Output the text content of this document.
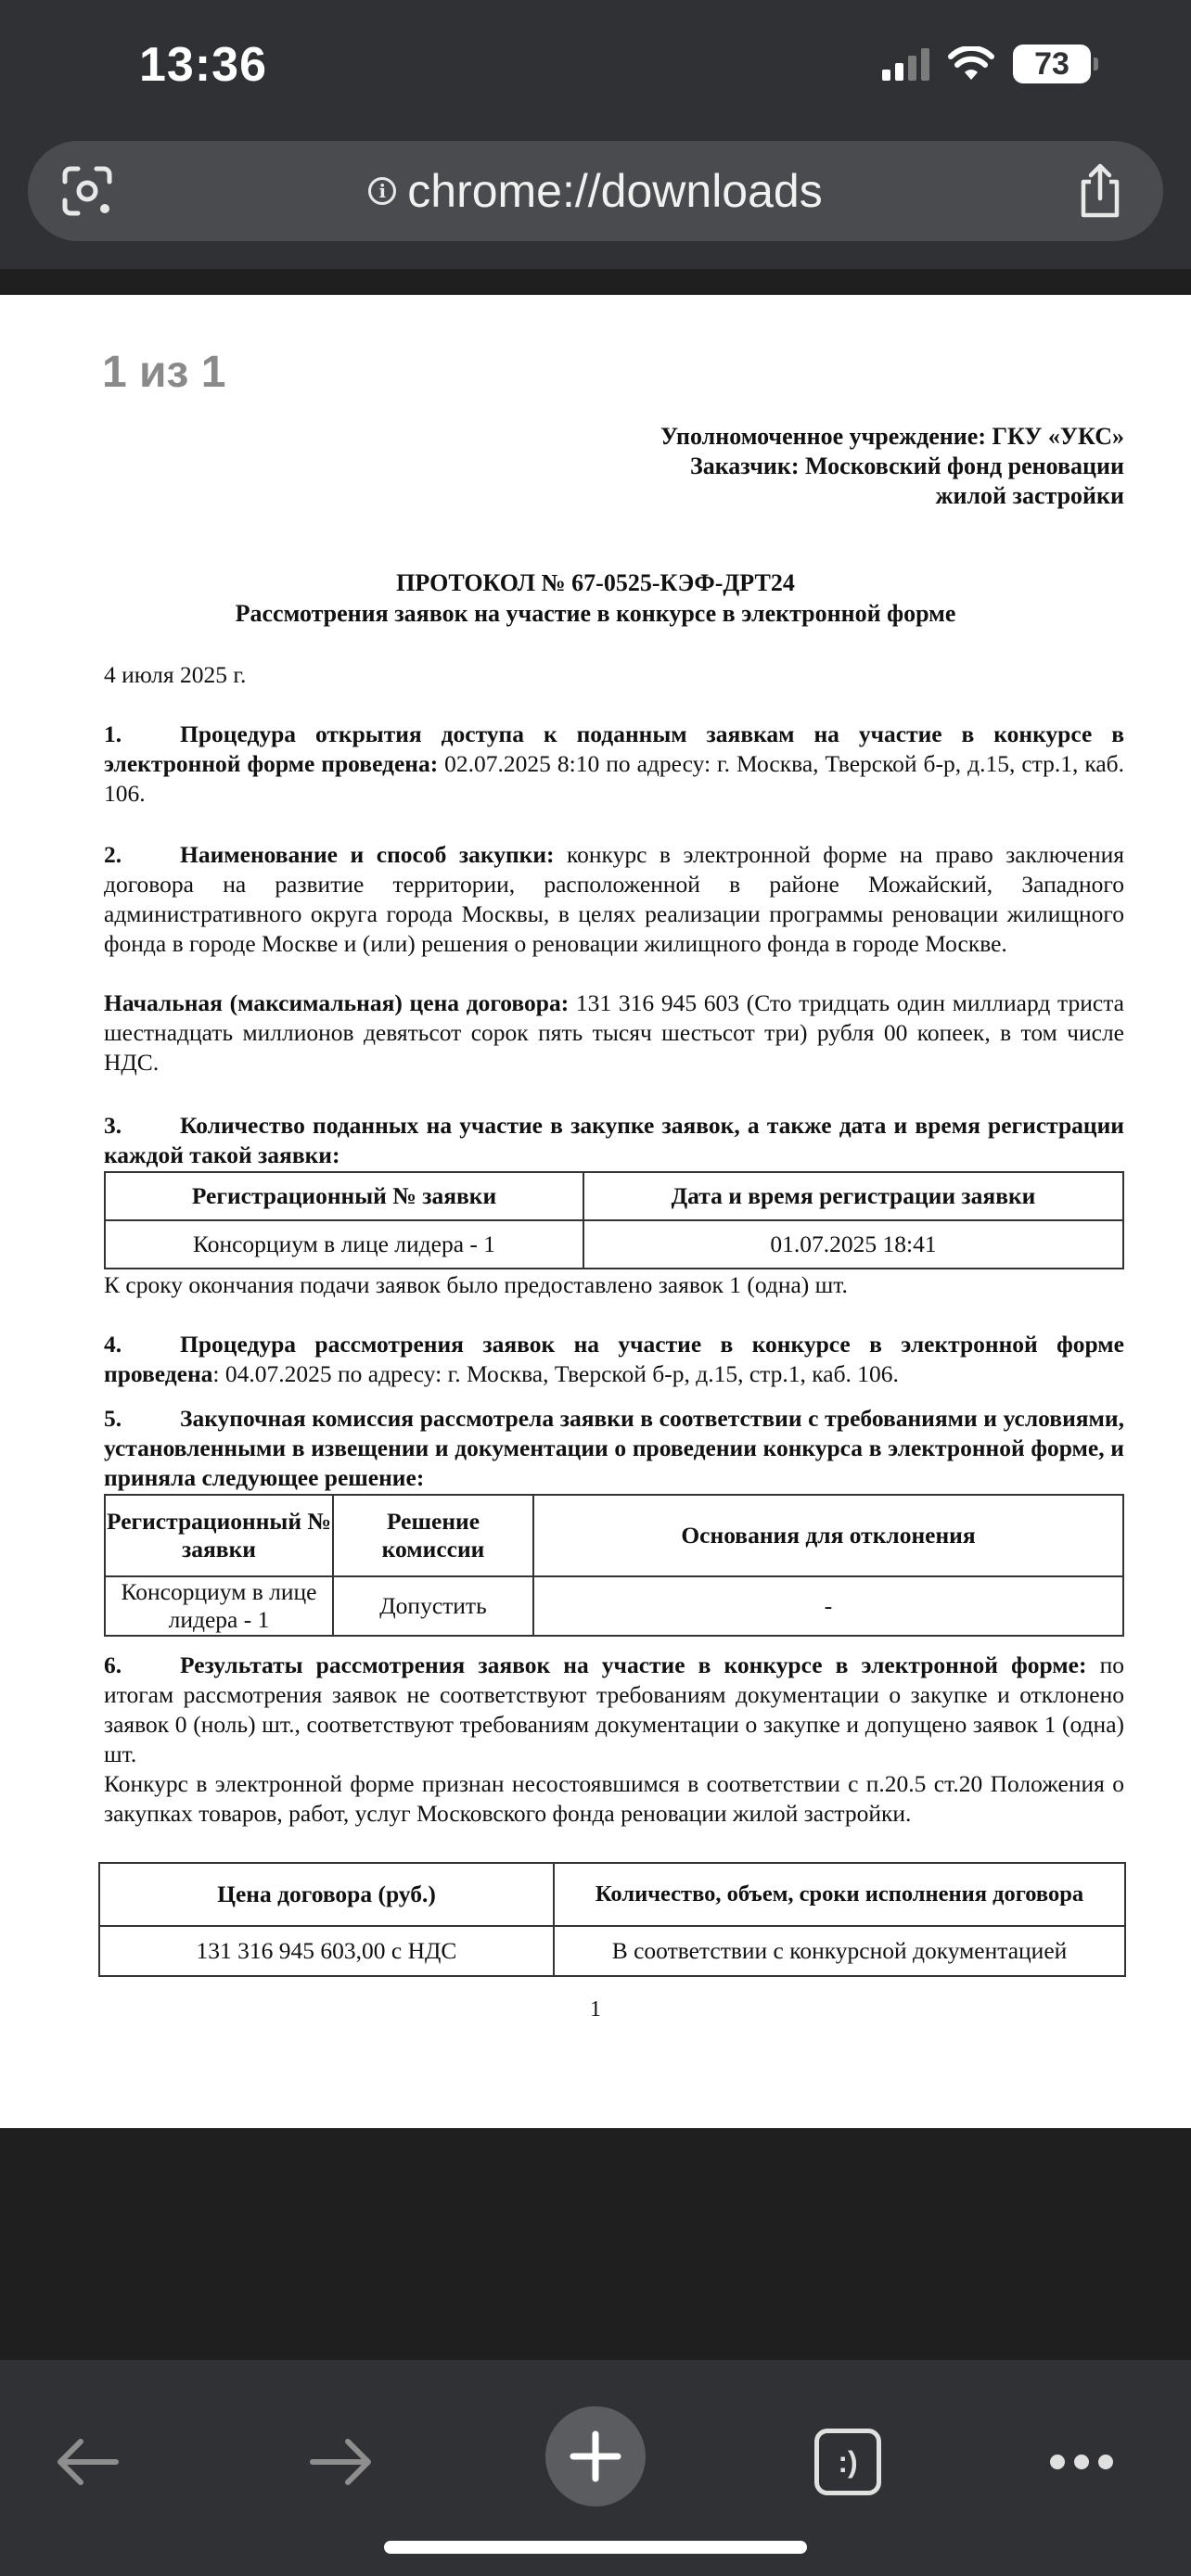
13:36	73
i chrome://downloads
1 из 1
Уполномоченное учреждение: ГКУ «УКС»
Заказчик: Московский фонд реновации
жилой застройки
ПРОТОКОЛ № 67-0525-КЭФ-ДРТ24
Рассмотрения заявок на участие в конкурсе в электронной форме
4 июля 2025 г.
1. Процедура открытия доступа к поданным заявкам на участие в конкурсе в электронной форме проведена: 02.07.2025 8:10 по адресу: г. Москва, Тверской б-р, д.15, стр.1, каб. 106.
2. Наименование и способ закупки: конкурс в электронной форме на право заключения договора на развитие территории, расположенной в районе Можайский, Западного административного округа города Москвы, в целях реализации программы реновации жилищного фонда в городе Москве и (или) решения о реновации жилищного фонда в городе Москве.
Начальная (максимальная) цена договора: 131 316 945 603 (Сто тридцать один миллиард триста шестнадцать миллионов девятьсот сорок пять тысяч шестьсот три) рубля 00 копеек, в том числе НДС.
3. Количество поданных на участие в закупке заявок, а также дата и время регистрации каждой такой заявки:
Регистрационный № заявки	Дата и время регистрации заявки
Консорциум в лице лидера - 1	01.07.2025 18:41
К сроку окончания подачи заявок было предоставлено заявок 1 (одна) шт.
4. Процедура рассмотрения заявок на участие в конкурсе в электронной форме проведена: 04.07.2025 по адресу: г. Москва, Тверской б-р, д.15, стр.1, каб. 106.
5. Закупочная комиссия рассмотрела заявки в соответствии с требованиями и условиями, установленными в извещении и документации о проведении конкурса в электронной форме, и приняла следующее решение:
Регистрационный № заявки	Решение комиссии	Основания для отклонения
Консорциум в лице лидера - 1	Допустить	-
6. Результаты рассмотрения заявок на участие в конкурсе в электронной форме: по итогам рассмотрения заявок не соответствуют требованиям документации о закупке и отклонено заявок 0 (ноль) шт., соответствуют требованиям документации о закупке и допущено заявок 1 (одна) шт.
Конкурс в электронной форме признан несостоявшимся в соответствии с п.20.5 ст.20 Положения о закупках товаров, работ, услуг Московского фонда реновации жилой застройки.
Цена договора (руб.)	Количество, объем, сроки исполнения договора
131 316 945 603,00 с НДС	В соответствии с конкурсной документацией
1
:)
